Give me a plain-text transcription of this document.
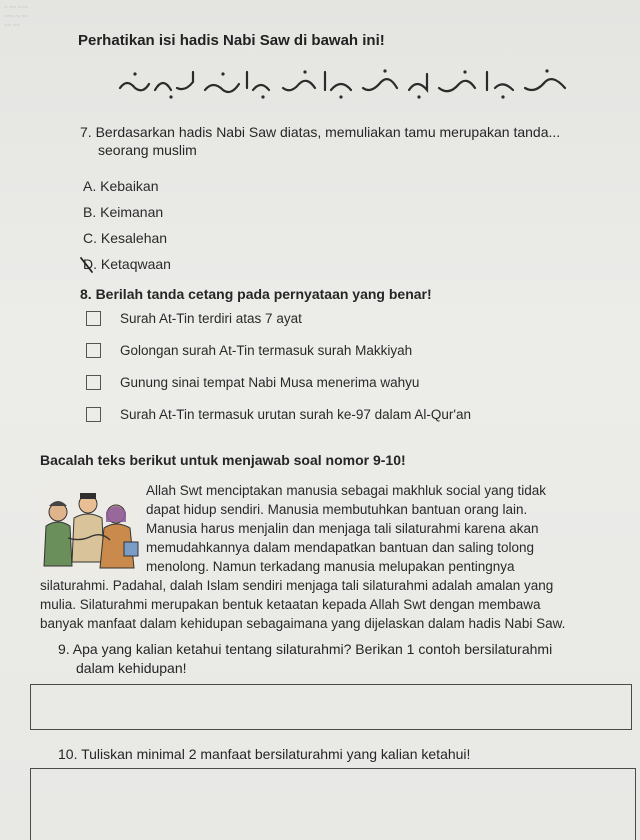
~ ~~ ~~~
~~~ ~ ~~
~~ ~~
Perhatikan isi hadis Nabi Saw di bawah ini!
7. Berdasarkan hadis Nabi Saw diatas, memuliakan tamu merupakan tanda...
seorang muslim
A. Kebaikan
B. Keimanan
C. Kesalehan
D. Ketaqwaan
8. Berilah tanda cetang pada pernyataan yang benar!
Surah At-Tin terdiri atas 7 ayat
Golongan surah At-Tin termasuk surah Makkiyah
Gunung sinai tempat Nabi Musa menerima wahyu
Surah At-Tin termasuk urutan surah ke-97 dalam Al-Qur'an
Bacalah teks berikut untuk menjawab soal nomor 9-10!
Allah Swt menciptakan manusia sebagai makhluk social yang tidak
dapat hidup sendiri. Manusia membutuhkan bantuan orang lain.
Manusia harus menjalin dan menjaga tali silaturahmi karena akan
memudahkannya dalam mendapatkan bantuan dan saling tolong
menolong. Namun terkadang manusia melupakan pentingnya
silaturahmi. Padahal, dalah Islam sendiri menjaga tali silaturahmi adalah amalan yang
mulia. Silaturahmi merupakan bentuk ketaatan kepada Allah Swt dengan membawa
banyak manfaat dalam kehidupan sebagaimana yang dijelaskan dalam hadis Nabi Saw.
9. Apa yang kalian ketahui tentang silaturahmi? Berikan 1 contoh bersilaturahmi
dalam kehidupan!
10. Tuliskan minimal 2 manfaat bersilaturahmi yang kalian ketahui!
